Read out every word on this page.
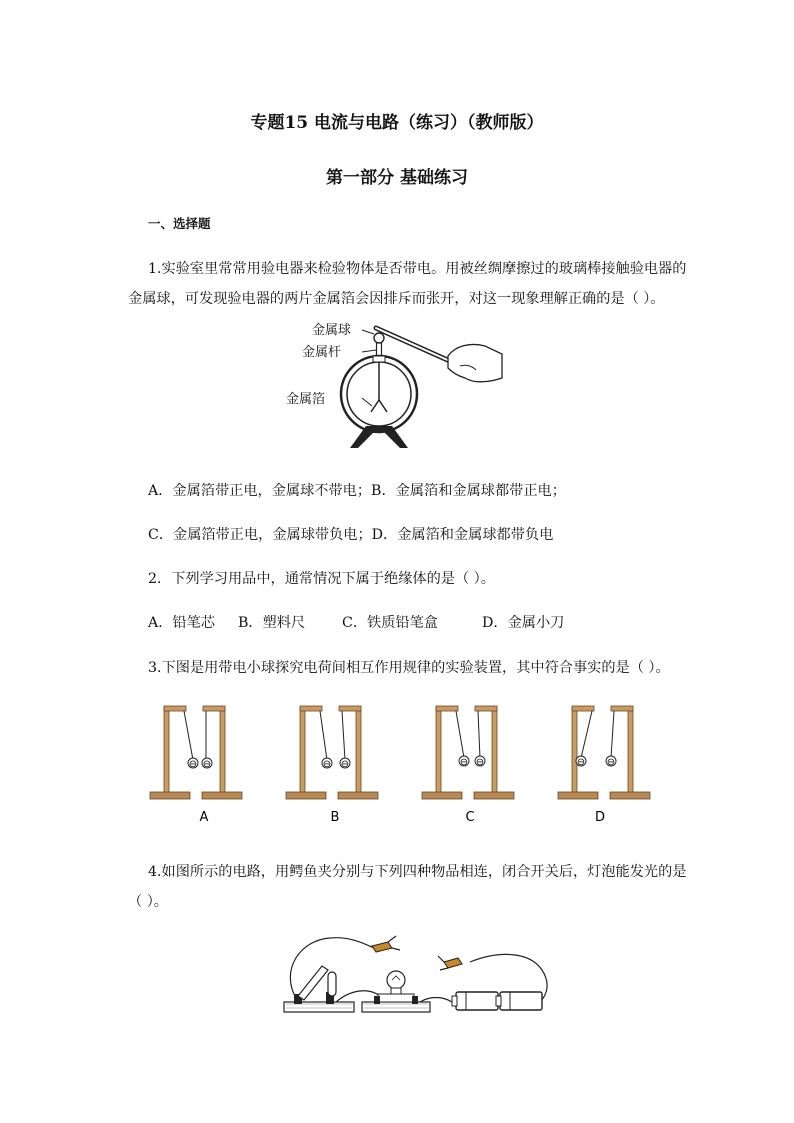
专题15 电流与电路（练习）（教师版）
第一部分 基础练习
一、选择题
1.实验室里常常用验电器来检验物体是否带电。用被丝绸摩擦过的玻璃棒接触验电器的
金属球，可发现验电器的两片金属箔会因排斥而张开，对这一现象理解正确的是（ ）。
金属球
金属杆
金属箔
A．金属箔带正电，金属球不带电；B．金属箔和金属球都带正电；
C．金属箔带正电，金属球带负电；D．金属箔和金属球都带负电
2．下列学习用品中，通常情况下属于绝缘体的是（ ）。
A．铅笔芯 B．塑料尺	C．铁质铅笔盒	D．金属小刀
3.下图是用带电小球探究电荷间相互作用规律的实验装置，其中符合事实的是（ ）。
⊖ ⊖
A
⊖ ⊖
B
⊖ ⊖
C
⊖ ⊖
D
4.如图所示的电路，用鳄鱼夹分别与下列四种物品相连，闭合开关后，灯泡能发光的是
（ ）。
